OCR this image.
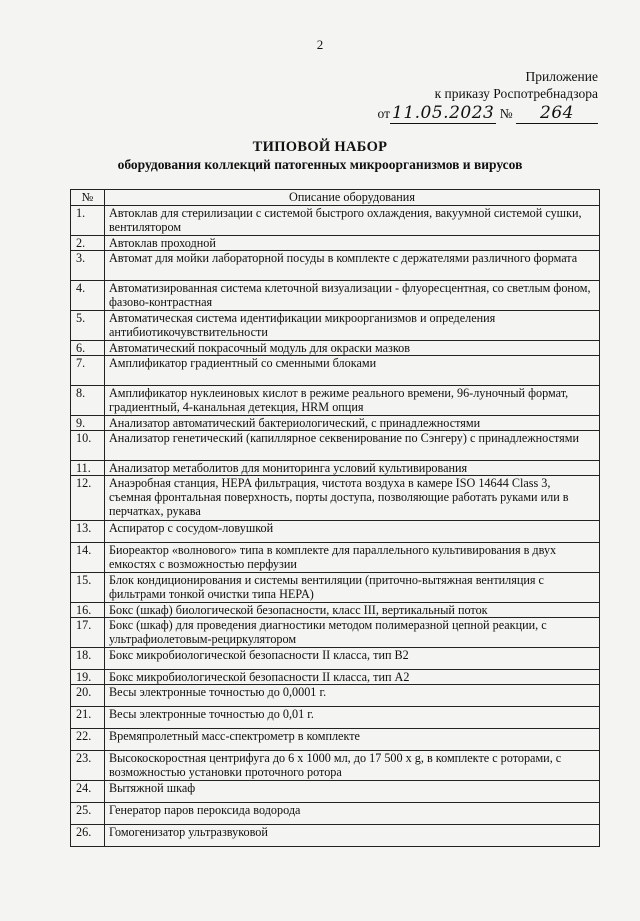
2
Приложение
к приказу Роспотребнадзора
от 11.05.2023 № 264
ТИПОВОЙ НАБОР
оборудования коллекций патогенных микроорганизмов и вирусов
№	Описание оборудования
1.	Автоклав для стерилизации с системой быстрого охлаждения, вакуумной системой сушки, вентилятором
2.	Автоклав проходной
3.	Автомат для мойки лабораторной посуды в комплекте с держателями различного формата
4.	Автоматизированная система клеточной визуализации - флуоресцентная, со светлым фоном, фазово-контрастная
5.	Автоматическая система идентификации микроорганизмов и определения антибиотикочувствительности
6.	Автоматический покрасочный модуль для окраски мазков
7.	Амплификатор градиентный со сменными блоками
8.	Амплификатор нуклеиновых кислот в режиме реального времени, 96-луночный формат, градиентный, 4-канальная детекция, HRM опция
9.	Анализатор автоматический бактериологический, с принадлежностями
10.	Анализатор генетический (капиллярное секвенирование по Сэнгеру) с принадлежностями
11.	Анализатор метаболитов для мониторинга условий культивирования
12.	Анаэробная станция, HEPA фильтрация, чистота воздуха в камере ISO 14644 Class 3, съемная фронтальная поверхность, порты доступа, позволяющие работать руками или в перчатках, рукава
13.	Аспиратор с сосудом-ловушкой
14.	Биореактор «волнового» типа в комплекте для параллельного культивирования в двух емкостях с возможностью перфузии
15.	Блок кондиционирования и системы вентиляции (приточно-вытяжная вентиляция с фильтрами тонкой очистки типа HEPA)
16.	Бокс (шкаф) биологической безопасности, класс III, вертикальный поток
17.	Бокс (шкаф) для проведения диагностики методом полимеразной цепной реакции, с ультрафиолетовым-рециркулятором
18.	Бокс микробиологической безопасности II класса, тип B2
19.	Бокс микробиологической безопасности II класса, тип A2
20.	Весы электронные точностью до 0,0001 г.
21.	Весы электронные точностью до 0,01 г.
22.	Времяпролетный масс-спектрометр в комплекте
23.	Высокоскоростная центрифуга до 6 х 1000 мл, до 17 500 х g, в комплекте с роторами, с возможностью установки проточного ротора
24.	Вытяжной шкаф
25.	Генератор паров пероксида водорода
26.	Гомогенизатор ультразвуковой
